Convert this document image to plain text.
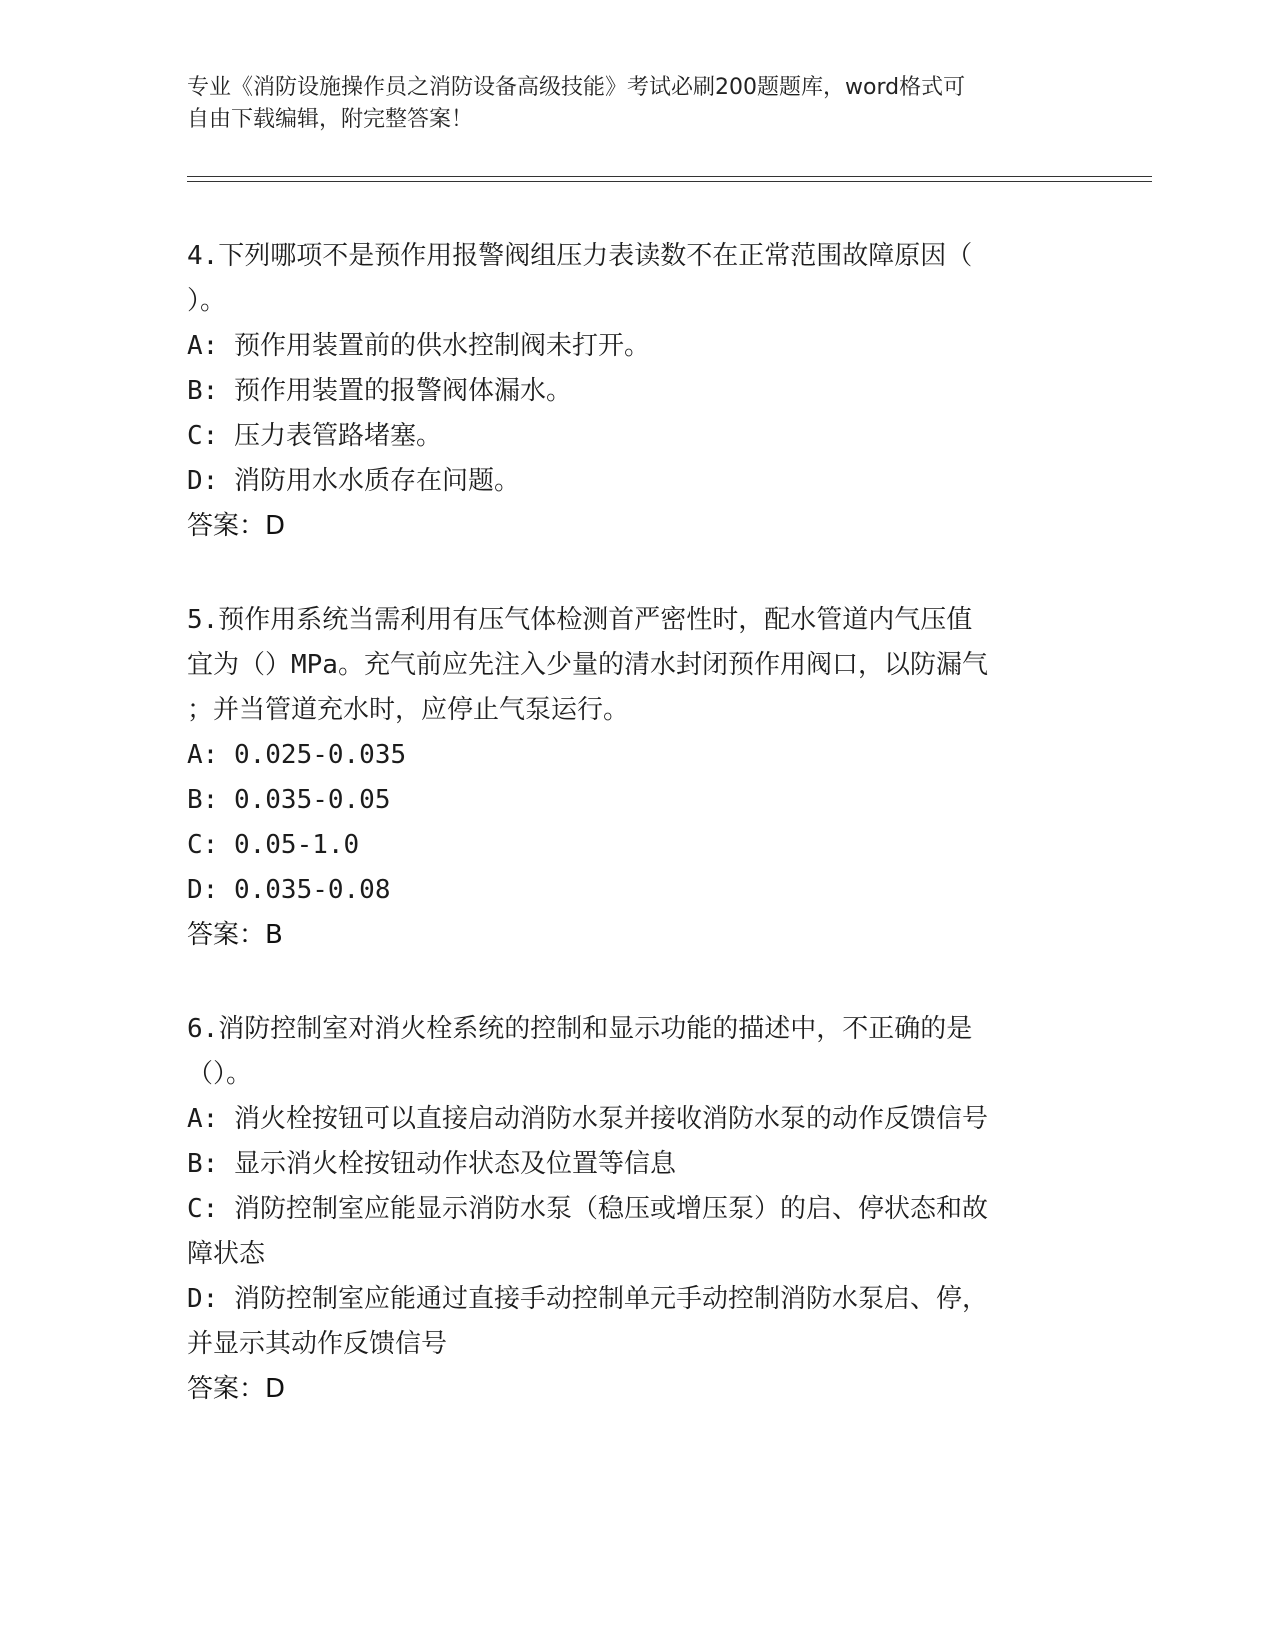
专业《消防设施操作员之消防设备高级技能》考试必刷200题题库，word格式可
自由下载编辑，附完整答案！
4.下列哪项不是预作用报警阀组压力表读数不在正常范围故障原因（
）。
A: 预作用装置前的供水控制阀未打开。
B: 预作用装置的报警阀体漏水。
C: 压力表管路堵塞。
D: 消防用水水质存在问题。
答案：D
5.预作用系统当需利用有压气体检测首严密性时，配水管道内气压值
宜为（）MPa。充气前应先注入少量的清水封闭预作用阀口，以防漏气
；并当管道充水时，应停止气泵运行。
A: 0.025-0.035
B: 0.035-0.05
C: 0.05-1.0
D: 0.035-0.08
答案：B
6.消防控制室对消火栓系统的控制和显示功能的描述中，不正确的是
（）。
A: 消火栓按钮可以直接启动消防水泵并接收消防水泵的动作反馈信号
B: 显示消火栓按钮动作状态及位置等信息
C: 消防控制室应能显示消防水泵（稳压或增压泵）的启、停状态和故
障状态
D: 消防控制室应能通过直接手动控制单元手动控制消防水泵启、停，
并显示其动作反馈信号
答案：D
